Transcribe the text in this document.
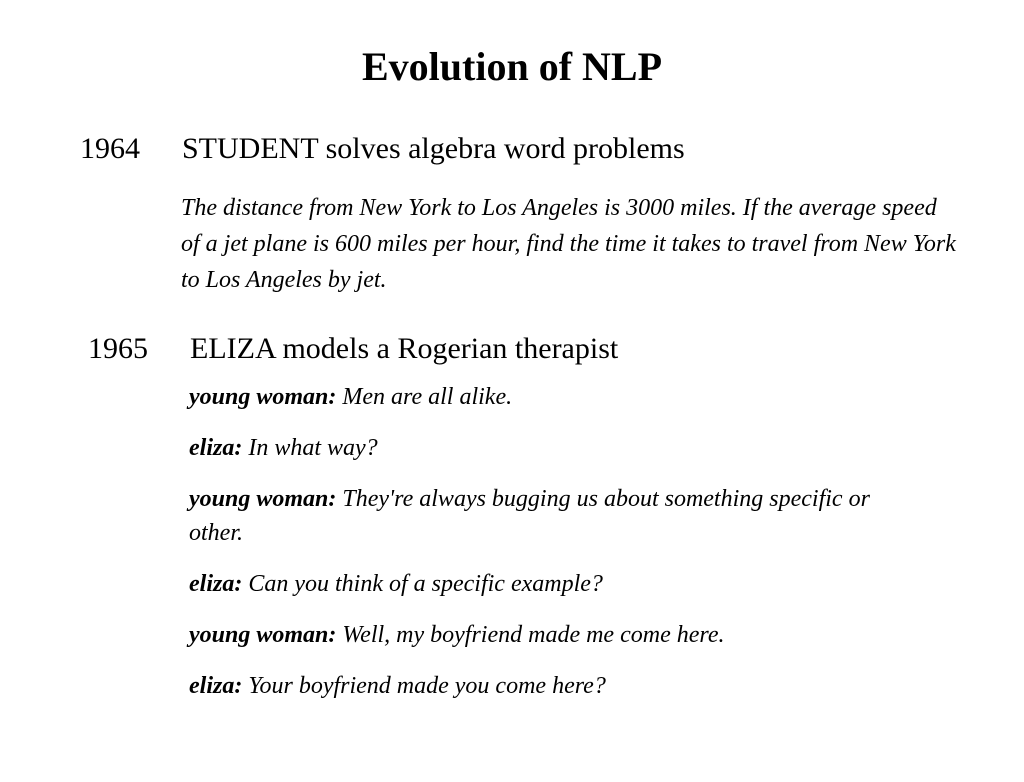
Evolution of NLP
1964 STUDENT solves algebra word problems
The distance from New York to Los Angeles is 3000 miles. If the average speed of a jet plane is 600 miles per hour, find the time it takes to travel from New York to Los Angeles by jet.
1965 ELIZA models a Rogerian therapist
young woman: Men are all alike.
eliza: In what way?
young woman: They're always bugging us about something specific or other.
eliza: Can you think of a specific example?
young woman: Well, my boyfriend made me come here.
eliza: Your boyfriend made you come here?
